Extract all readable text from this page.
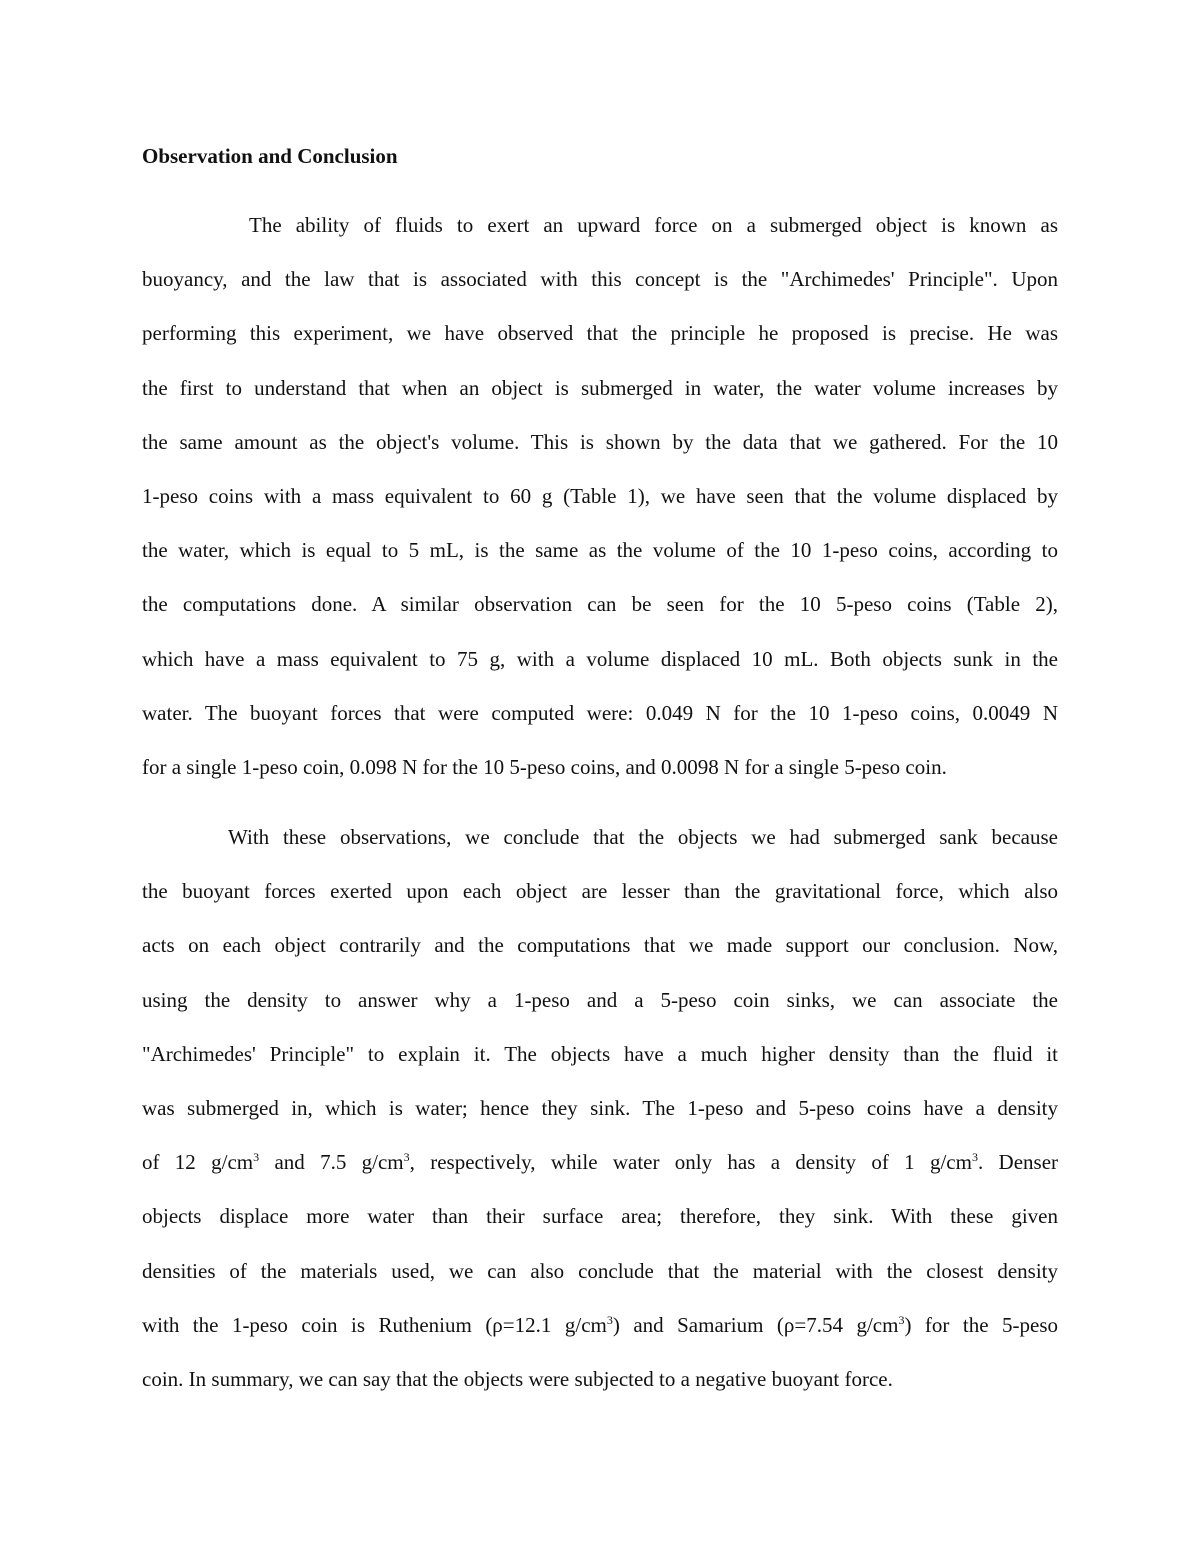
Observation and Conclusion
The ability of fluids to exert an upward force on a submerged object is known as
buoyancy, and the law that is associated with this concept is the "Archimedes' Principle". Upon
performing this experiment, we have observed that the principle he proposed is precise. He was
the first to understand that when an object is submerged in water, the water volume increases by
the same amount as the object's volume. This is shown by the data that we gathered. For the 10
1-peso coins with a mass equivalent to 60 g (Table 1), we have seen that the volume displaced by
the water, which is equal to 5 mL, is the same as the volume of the 10 1-peso coins, according to
the computations done. A similar observation can be seen for the 10 5-peso coins (Table 2),
which have a mass equivalent to 75 g, with a volume displaced 10 mL. Both objects sunk in the
water. The buoyant forces that were computed were: 0.049 N for the 10 1-peso coins, 0.0049 N
for a single 1-peso coin, 0.098 N for the 10 5-peso coins, and 0.0098 N for a single 5-peso coin.
With these observations, we conclude that the objects we had submerged sank because
the buoyant forces exerted upon each object are lesser than the gravitational force, which also
acts on each object contrarily and the computations that we made support our conclusion. Now,
using the density to answer why a 1-peso and a 5-peso coin sinks, we can associate the
"Archimedes' Principle" to explain it. The objects have a much higher density than the fluid it
was submerged in, which is water; hence they sink. The 1-peso and 5-peso coins have a density
of 12 $g/cm^3$ and 7.5 $g/cm^3$, respectively, while water only has a density of 1 $g/cm^3$. Denser
objects displace more water than their surface area; therefore, they sink. With these given
densities of the materials used, we can also conclude that the material with the closest density
with the 1-peso coin is Ruthenium (ρ=12.1 $g/cm^3$) and Samarium (ρ=7.54 $g/cm^3$) for the 5-peso
coin. In summary, we can say that the objects were subjected to a negative buoyant force.
